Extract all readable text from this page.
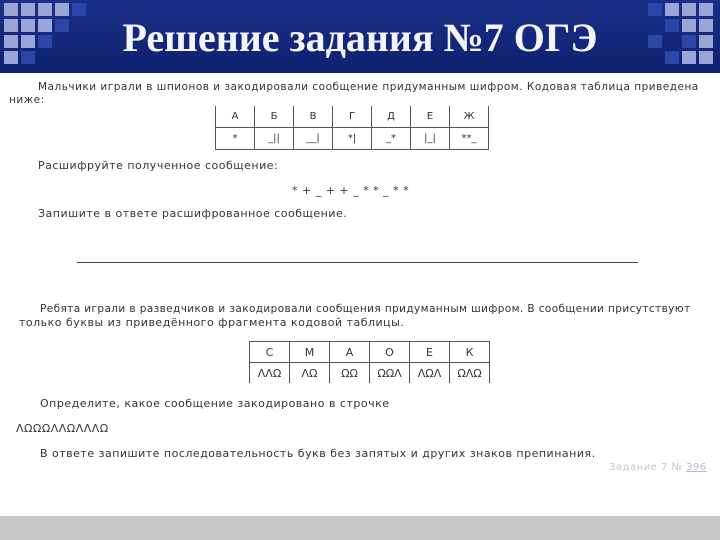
Решение задания №7 ОГЭ
Мальчики играли в шпионов и закодировали сообщение придуманным шифром. Кодовая таблица приведена
ниже:
А	Б	В	Г	Д	Е	Ж
*	_||	__|	*|	_*	|_|	**_
Расшифруйте полученное сообщение:
* + _ + + _ * * _ * *
Запишите в ответе расшифрованное сообщение.
Ребята играли в разведчиков и закодировали сообщения придуманным шифром. В сообщении присутствуют
только буквы из приведённого фрагмента кодовой таблицы.
С	М	А	О	Е	К
ΛΛΩ	ΛΩ	ΩΩ	ΩΩΛ	ΛΩΛ	ΩΛΩ
Определите, какое сообщение закодировано в строчке
ΛΩΩΩΛΛΩΛΛΛΩ
В ответе запишите последовательность букв без запятых и других знаков препинания.
Задание 7 № 396
